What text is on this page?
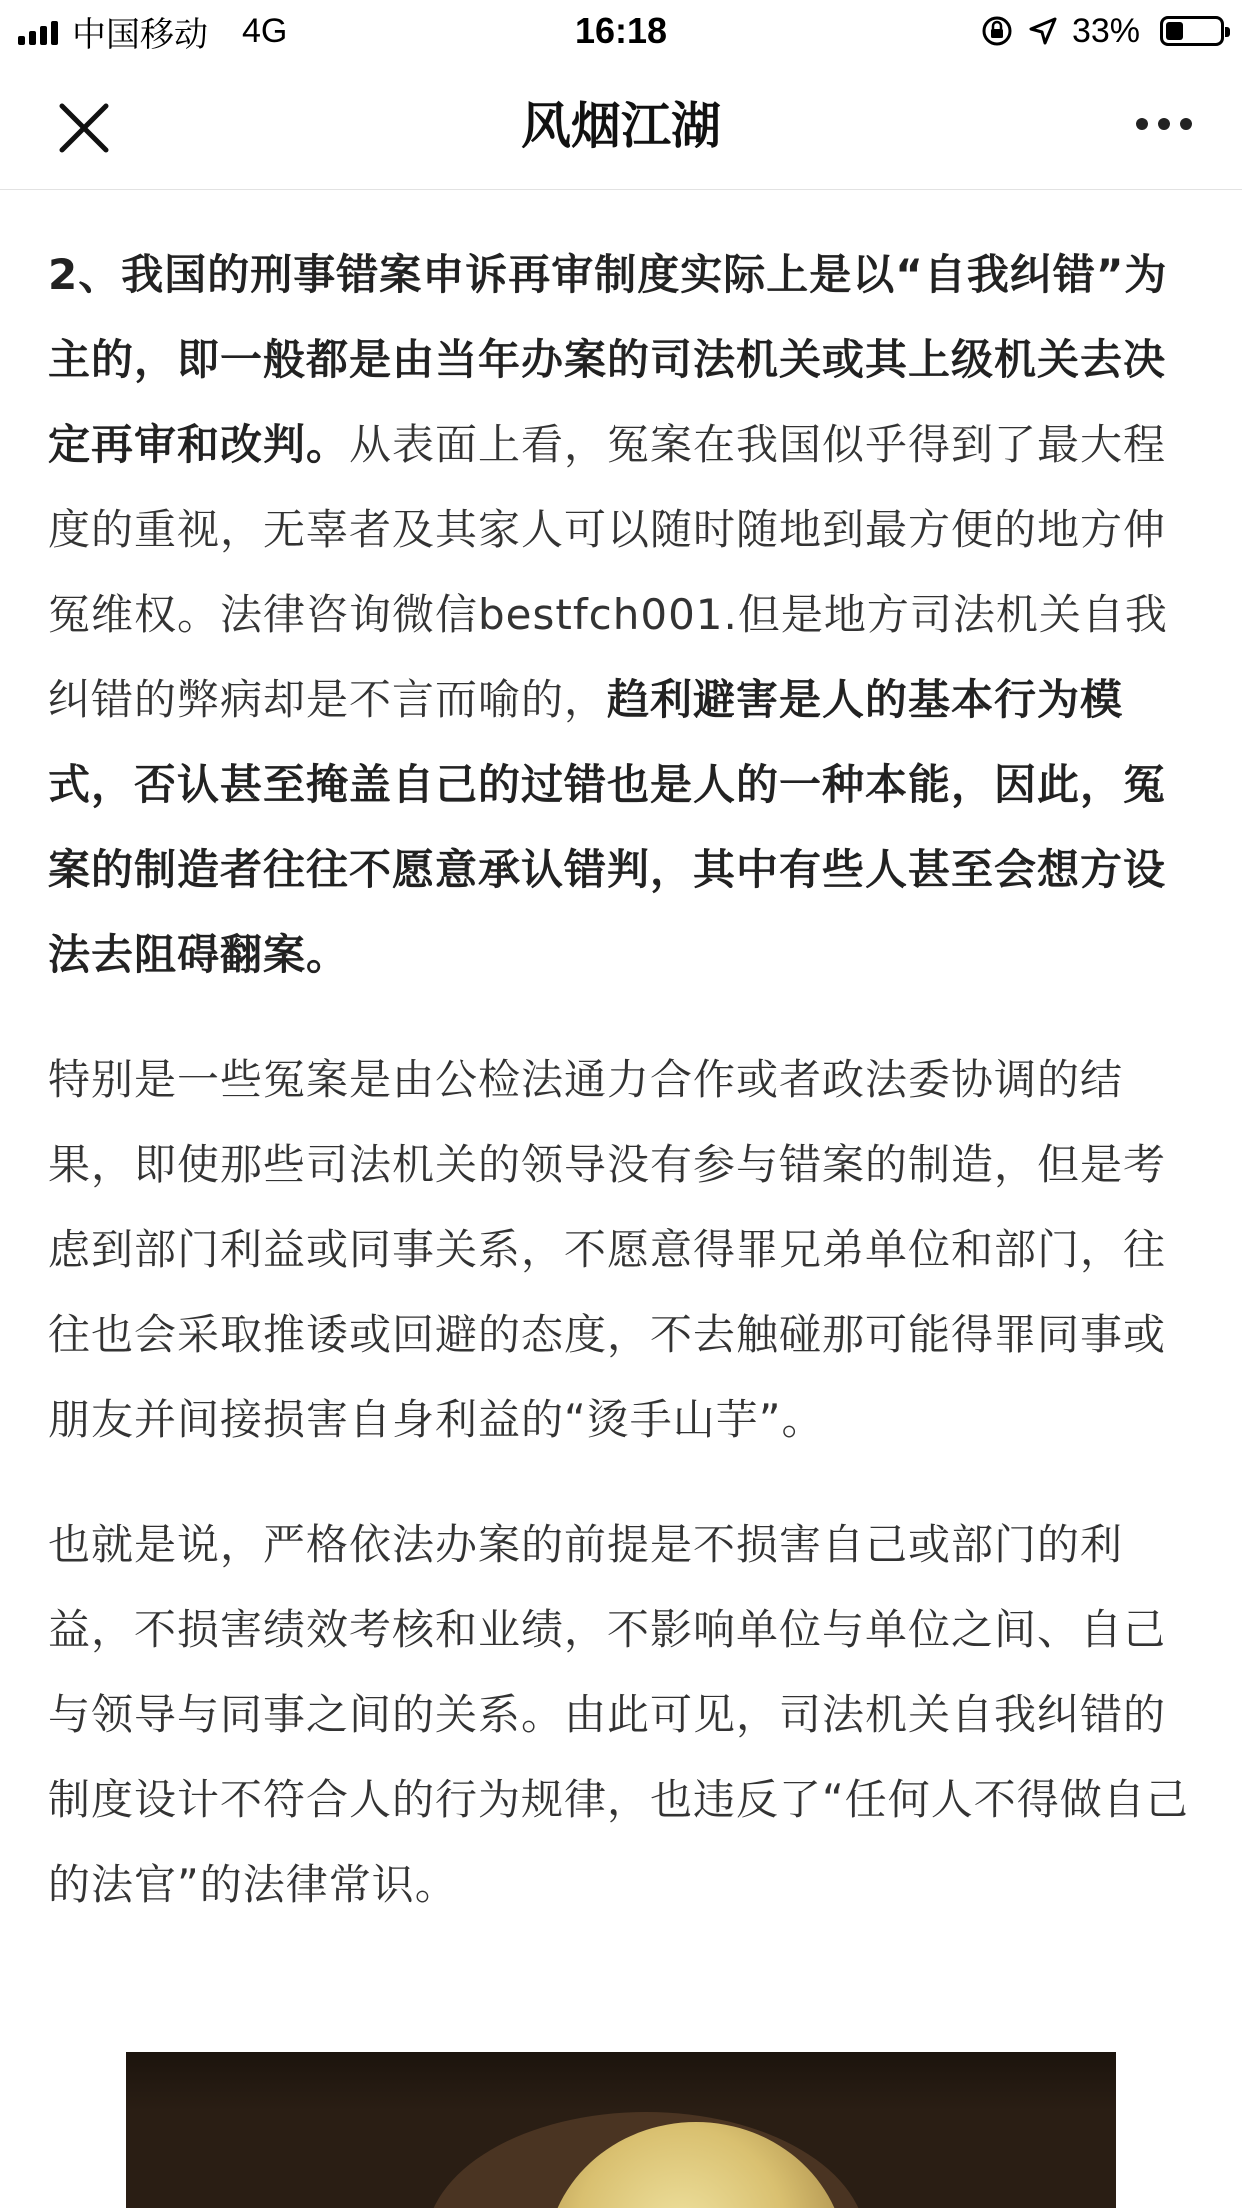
中国移动 4G	16:18	33%
风烟江湖

2、我国的刑事错案申诉再审制度实际上是以“自我纠错”为主的，即一般都是由当年办案的司法机关或其上级机关去决定再审和改判。从表面上看，冤案在我国似乎得到了最大程度的重视，无辜者及其家人可以随时随地到最方便的地方伸冤维权。法律咨询微信bestfch001.但是地方司法机关自我纠错的弊病却是不言而喻的，趋利避害是人的基本行为模式，否认甚至掩盖自己的过错也是人的一种本能，因此，冤案的制造者往往不愿意承认错判，其中有些人甚至会想方设法去阻碍翻案。

特别是一些冤案是由公检法通力合作或者政法委协调的结果，即使那些司法机关的领导没有参与错案的制造，但是考虑到部门利益或同事关系，不愿意得罪兄弟单位和部门，往往也会采取推诿或回避的态度，不去触碰那可能得罪同事或朋友并间接损害自身利益的“烫手山芋”。

也就是说，严格依法办案的前提是不损害自己或部门的利益，不损害绩效考核和业绩，不影响单位与单位之间、自己与领导与同事之间的关系。由此可见，司法机关自我纠错的制度设计不符合人的行为规律，也违反了“任何人不得做自己的法官”的法律常识。
